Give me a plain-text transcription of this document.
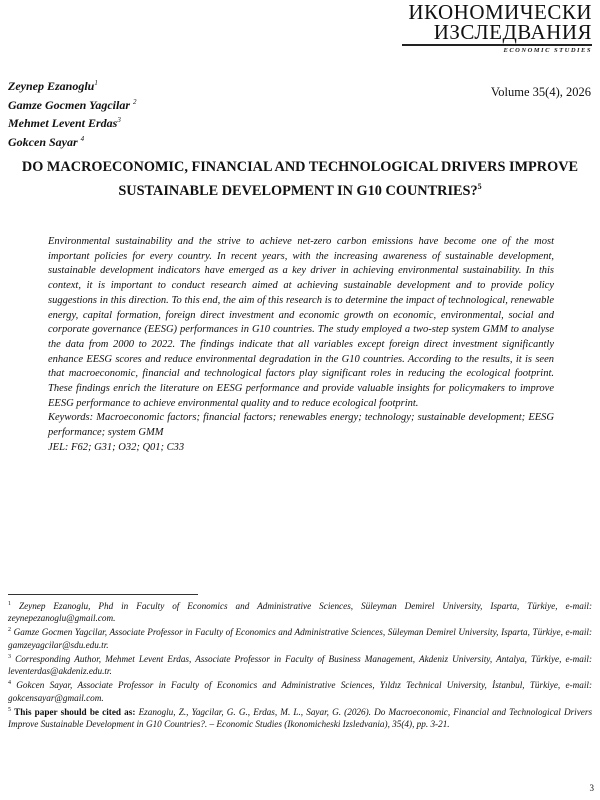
ИКОНОМИЧЕСКИ
ИЗСЛЕДВАНИЯ
ECONOMIC STUDIES
Zeynep Ezanoglu$^1$
Gamze Gocmen Yagcilar $^2$
Mehmet Levent Erdas$^3$
Gokcen Sayar $^4$
Volume 35(4), 2026
DO MACROECONOMIC, FINANCIAL AND TECHNOLOGICAL DRIVERS IMPROVE SUSTAINABLE DEVELOPMENT IN G10 COUNTRIES?$^5$

Environmental sustainability and the strive to achieve net-zero carbon emissions have become one of the most important policies for every country. In recent years, with the increasing awareness of sustainable development, sustainable development indicators have emerged as a key driver in achieving environmental sustainability. In this context, it is important to conduct research aimed at achieving sustainable development and to provide policy suggestions in this direction. To this end, the aim of this research is to determine the impact of technological, renewable energy, capital formation, foreign direct investment and economic growth on economic, environmental, social and corporate governance (EESG) performances in G10 countries. The study employed a two-step system GMM to analyse the data from 2000 to 2022. The findings indicate that all variables except foreign direct investment significantly enhance EESG scores and reduce environmental degradation in the G10 countries. According to the results, it is seen that macroeconomic, financial and technological factors play significant roles in reducing the ecological footprint. These findings enrich the literature on EESG performance and provide valuable insights for policymakers to improve EESG performance to achieve environmental quality and to reduce ecological footprint.

Keywords: Macroeconomic factors; financial factors; renewables energy; technology; sustainable development; EESG performance; system GMM

JEL: F62; G31; O32; Q01; C33

$^1$ Zeynep Ezanoglu, Phd in Faculty of Economics and Administrative Sciences, Süleyman Demirel University, Isparta, Türkiye, e-mail: zeynepezanoglu@gmail.com.

$^2$ Gamze Gocmen Yagcilar, Associate Professor in Faculty of Economics and Administrative Sciences, Süleyman Demirel University, Isparta, Türkiye, e-mail: gamzeyagcilar@sdu.edu.tr.

$^3$ Corresponding Author, Mehmet Levent Erdas, Associate Professor in Faculty of Business Management, Akdeniz University, Antalya, Türkiye, e-mail: leventerdas@akdeniz.edu.tr.

$^4$ Gokcen Sayar, Associate Professor in Faculty of Economics and Administrative Sciences, Yıldız Technical University, İstanbul, Türkiye, e-mail: gokcensayar@gmail.com.

$^5$ This paper should be cited as: Ezanoglu, Z., Yagcilar, G. G., Erdas, M. L., Sayar, G. (2026). Do Macroeconomic, Financial and Technological Drivers Improve Sustainable Development in G10 Countries?. – Economic Studies (Ikonomicheski Izsledvania), 35(4), pp. 3-21.

3
